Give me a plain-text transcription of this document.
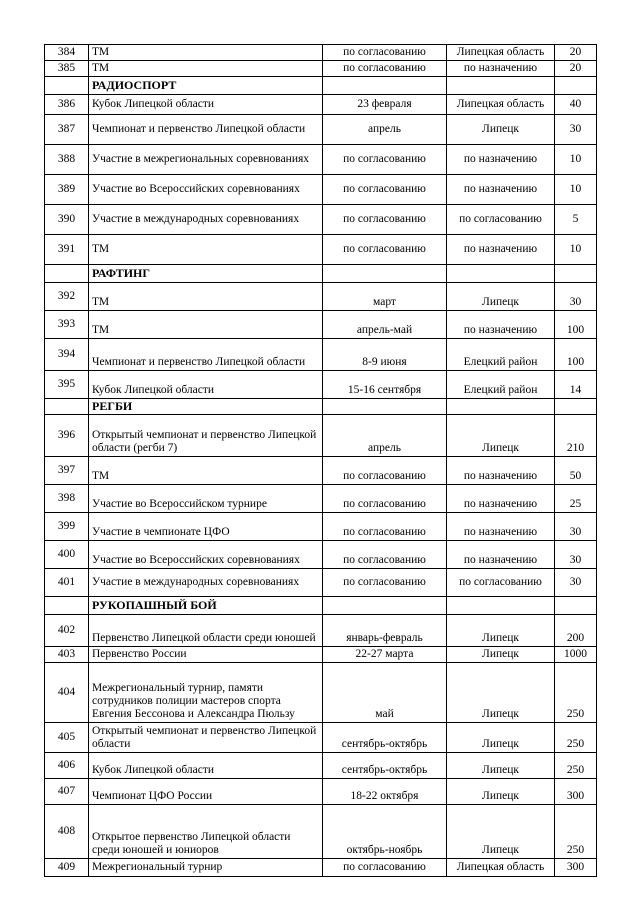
384	ТМ	по согласованию	Липецкая область	20
385	ТМ	по согласованию	по назначению	20
	РАДИОСПОРТ			
386	Кубок Липецкой области	23 февраля	Липецкая область	40
387	Чемпионат и первенство Липецкой области	апрель	Липецк	30
388	Участие в межрегиональных соревнованиях	по согласованию	по назначению	10
389	Участие во Всероссийских соревнованиях	по согласованию	по назначению	10
390	Участие в международных соревнованиях	по согласованию	по согласованию	5
391	ТМ	по согласованию	по назначению	10
	РАФТИНГ			
392	ТМ	март	Липецк	30
393	ТМ	апрель-май	по назначению	100
394	Чемпионат и первенство Липецкой области	8-9 июня	Елецкий район	100
395	Кубок Липецкой области	15-16 сентября	Елецкий район	14
	РЕГБИ			
396	Открытый чемпионат и первенство Липецкой области (регби 7)	апрель	Липецк	210
397	ТМ	по согласованию	по назначению	50
398	Участие во Всероссийском турнире	по согласованию	по назначению	25
399	Участие в чемпионате ЦФО	по согласованию	по назначению	30
400	Участие во Всероссийских соревнованиях	по согласованию	по назначению	30
401	Участие в международных соревнованиях	по согласованию	по согласованию	30
	РУКОПАШНЫЙ БОЙ			
402	Первенство Липецкой области среди юношей	январь-февраль	Липецк	200
403	Первенство России	22-27 марта	Липецк	1000
404	Межрегиональный турнир, памяти сотрудников полиции мастеров спорта Евгения Бессонова и Александра Пюльзу	май	Липецк	250
405	Открытый чемпионат и первенство Липецкой области	сентябрь-октябрь	Липецк	250
406	Кубок Липецкой области	сентябрь-октябрь	Липецк	250
407	Чемпионат ЦФО России	18-22 октября	Липецк	300
408	Открытое первенство Липецкой области среди юношей и юниоров	октябрь-ноябрь	Липецк	250
409	Межрегиональный турнир	по согласованию	Липецкая область	300
